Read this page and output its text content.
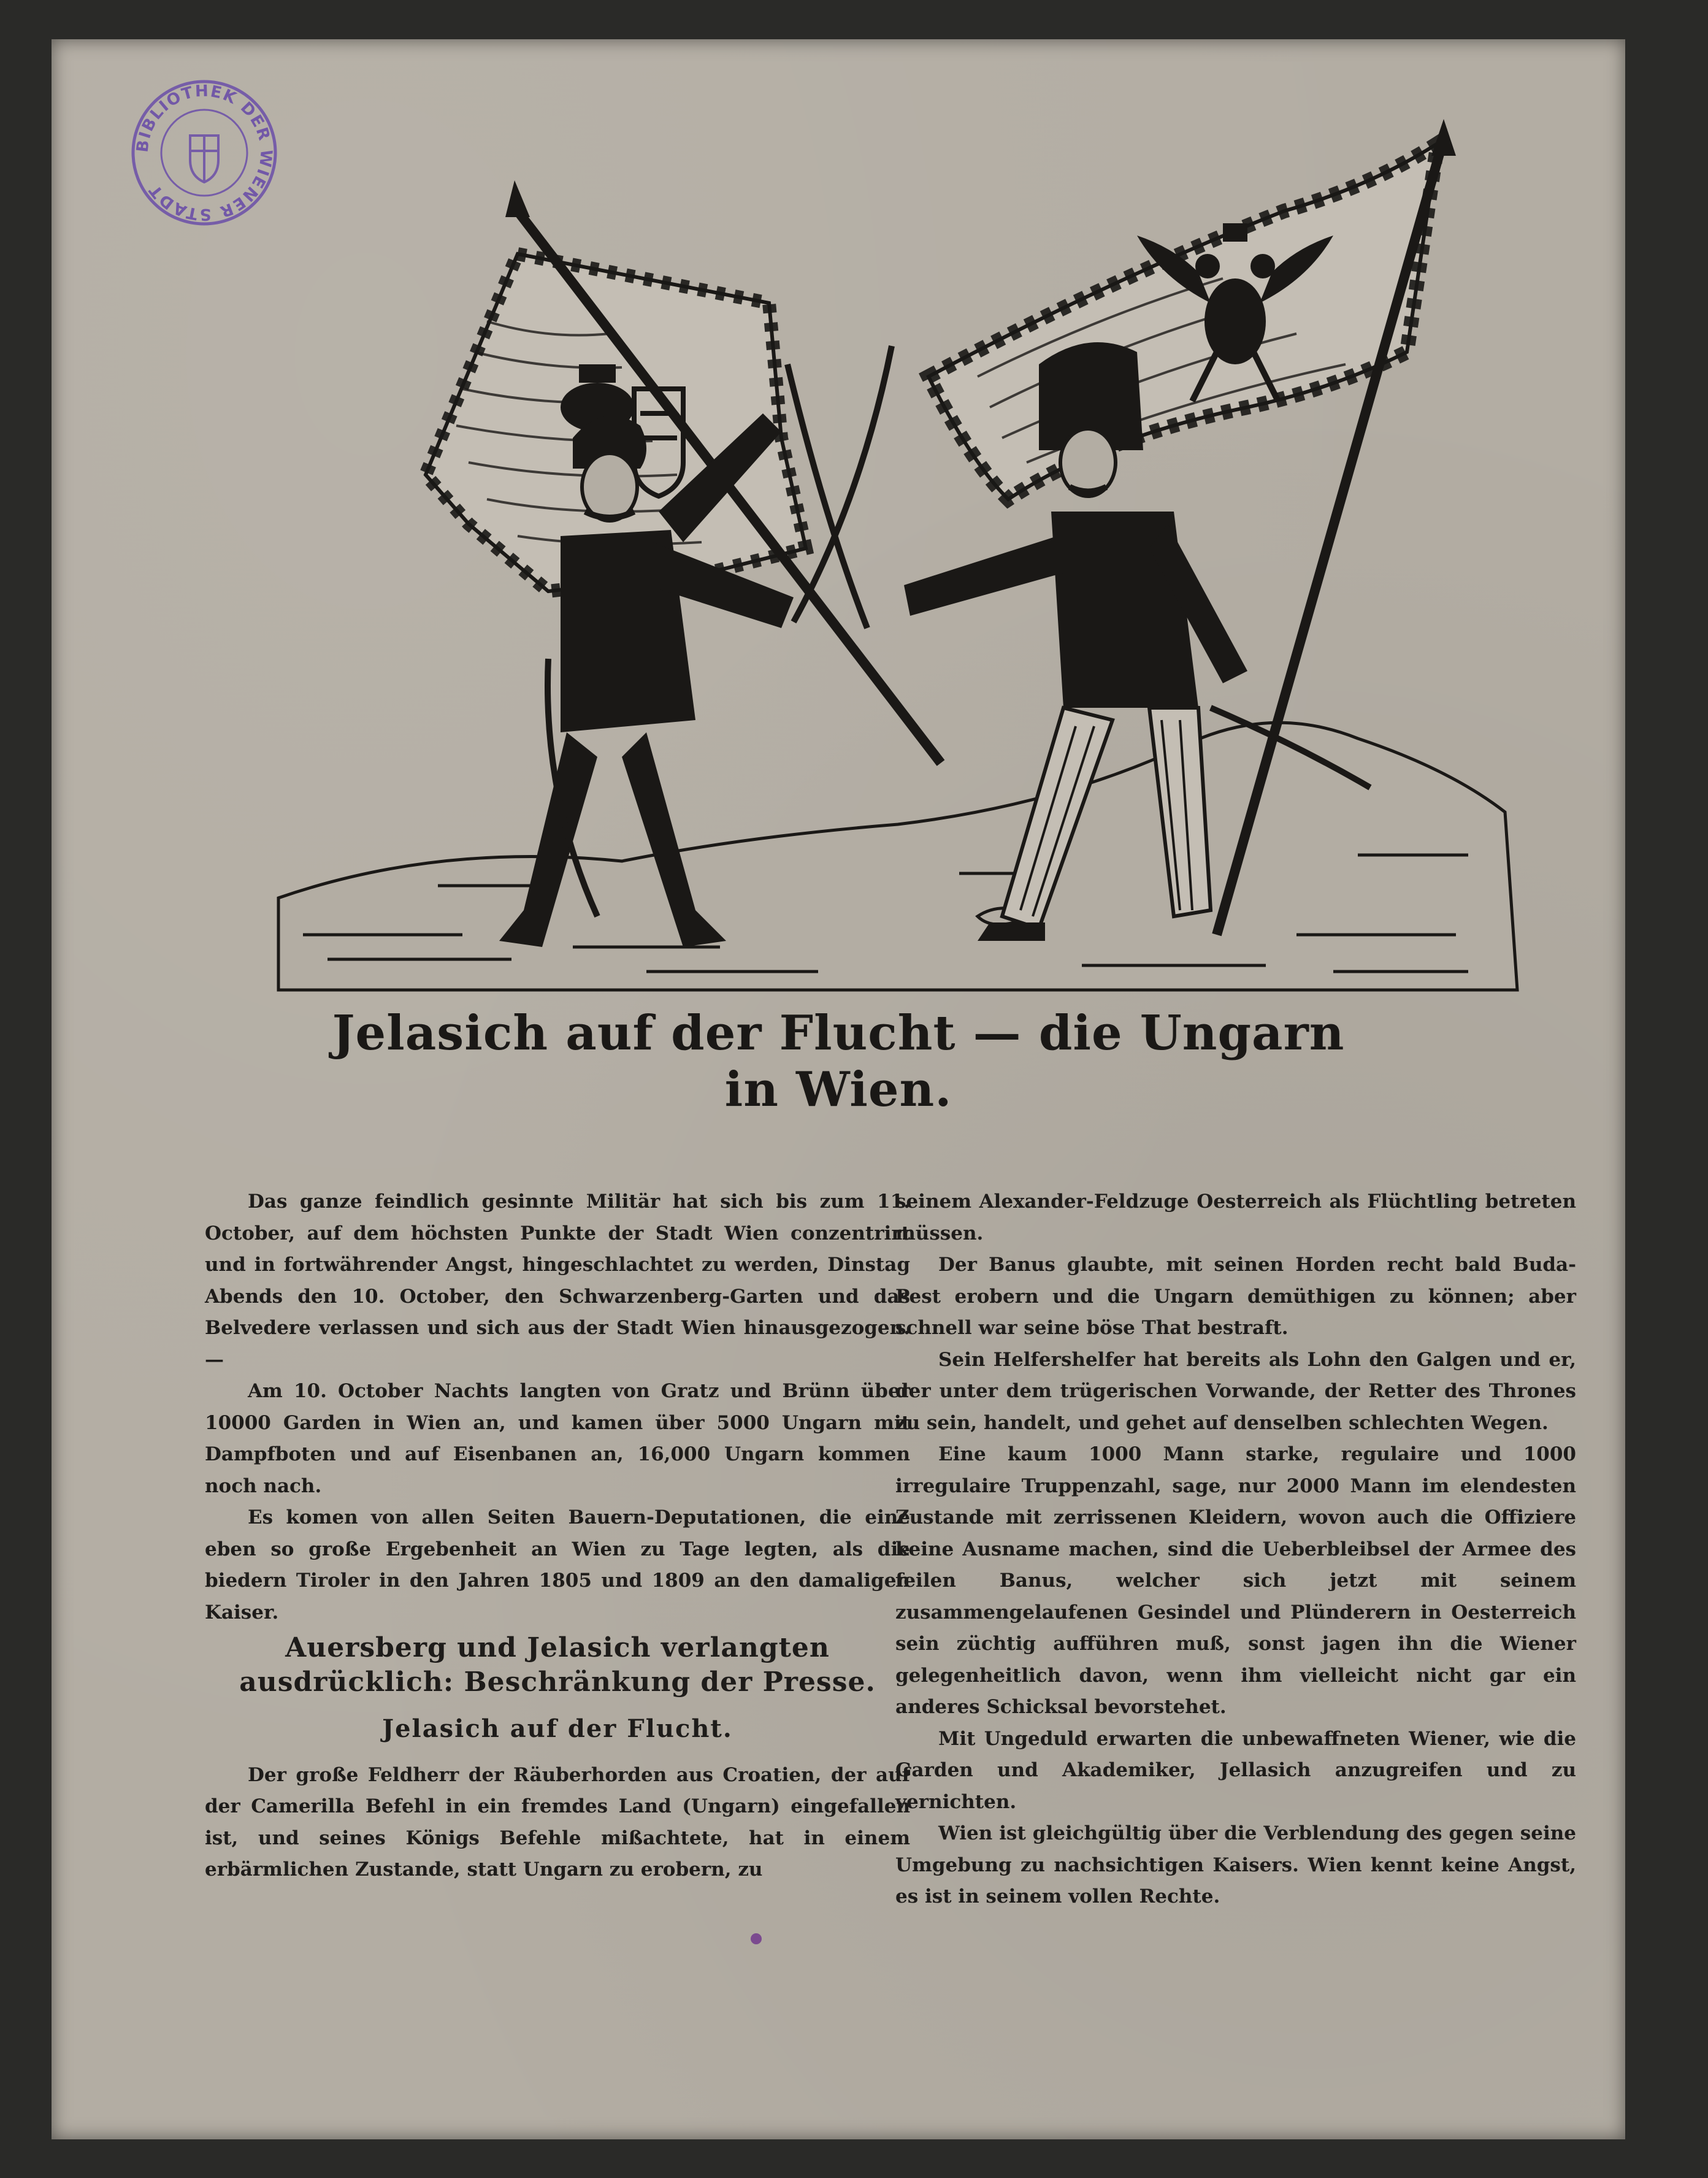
BIBLIOTHEK DER WIENER STADT
Jelasich auf der Flucht — die Ungarn
in Wien.

Das ganze feindlich gesinnte Militär hat sich bis zum 11. October, auf dem höchsten Punkte der Stadt Wien conzentrirt und in fortwährender Angst, hingeschlachtet zu werden, Dinstag Abends den 10. October, den Schwarzenberg-Garten und das Belvedere verlassen und sich aus der Stadt Wien hinausgezogen. —

Am 10. October Nachts langten von Gratz und Brünn über 10000 Garden in Wien an, und kamen über 5000 Ungarn mit Dampfboten und auf Eisenbanen an, 16,000 Ungarn kommen noch nach.

Es komen von allen Seiten Bauern-Deputationen, die eine eben so große Ergebenheit an Wien zu Tage legten, als die biedern Tiroler in den Jahren 1805 und 1809 an den damaligen Kaiser.

Auersberg und Jelasich verlangten ausdrücklich: Beschränkung der Presse.
Jelasich auf der Flucht.

Der große Feldherr der Räuberhorden aus Croatien, der auf der Camerilla Befehl in ein fremdes Land (Ungarn) eingefallen ist, und seines Königs Befehle mißachtete, hat in einem erbärmlichen Zustande, statt Ungarn zu erobern, zu

seinem Alexander-Feldzuge Oesterreich als Flüchtling betreten müssen.

Der Banus glaubte, mit seinen Horden recht bald Buda-Pest erobern und die Ungarn demüthigen zu können; aber schnell war seine böse That bestraft.

Sein Helfershelfer hat bereits als Lohn den Galgen und er, der unter dem trügerischen Vorwande, der Retter des Thrones zu sein, handelt, und gehet auf denselben schlechten Wegen.

Eine kaum 1000 Mann starke, regulaire und 1000 irregulaire Truppenzahl, sage, nur 2000 Mann im elendesten Zustande mit zerrissenen Kleidern, wovon auch die Offiziere keine Ausname machen, sind die Ueberbleibsel der Armee des feilen Banus, welcher sich jetzt mit seinem zusammengelaufenen Gesindel und Plünderern in Oesterreich sein züchtig aufführen muß, sonst jagen ihn die Wiener gelegenheitlich davon, wenn ihm vielleicht nicht gar ein anderes Schicksal bevorstehet.

Mit Ungeduld erwarten die unbewaffneten Wiener, wie die Garden und Akademiker, Jellasich anzugreifen und zu vernichten.

Wien ist gleichgültig über die Verblendung des gegen seine Umgebung zu nachsichtigen Kaisers. Wien kennt keine Angst, es ist in seinem vollen Rechte.
